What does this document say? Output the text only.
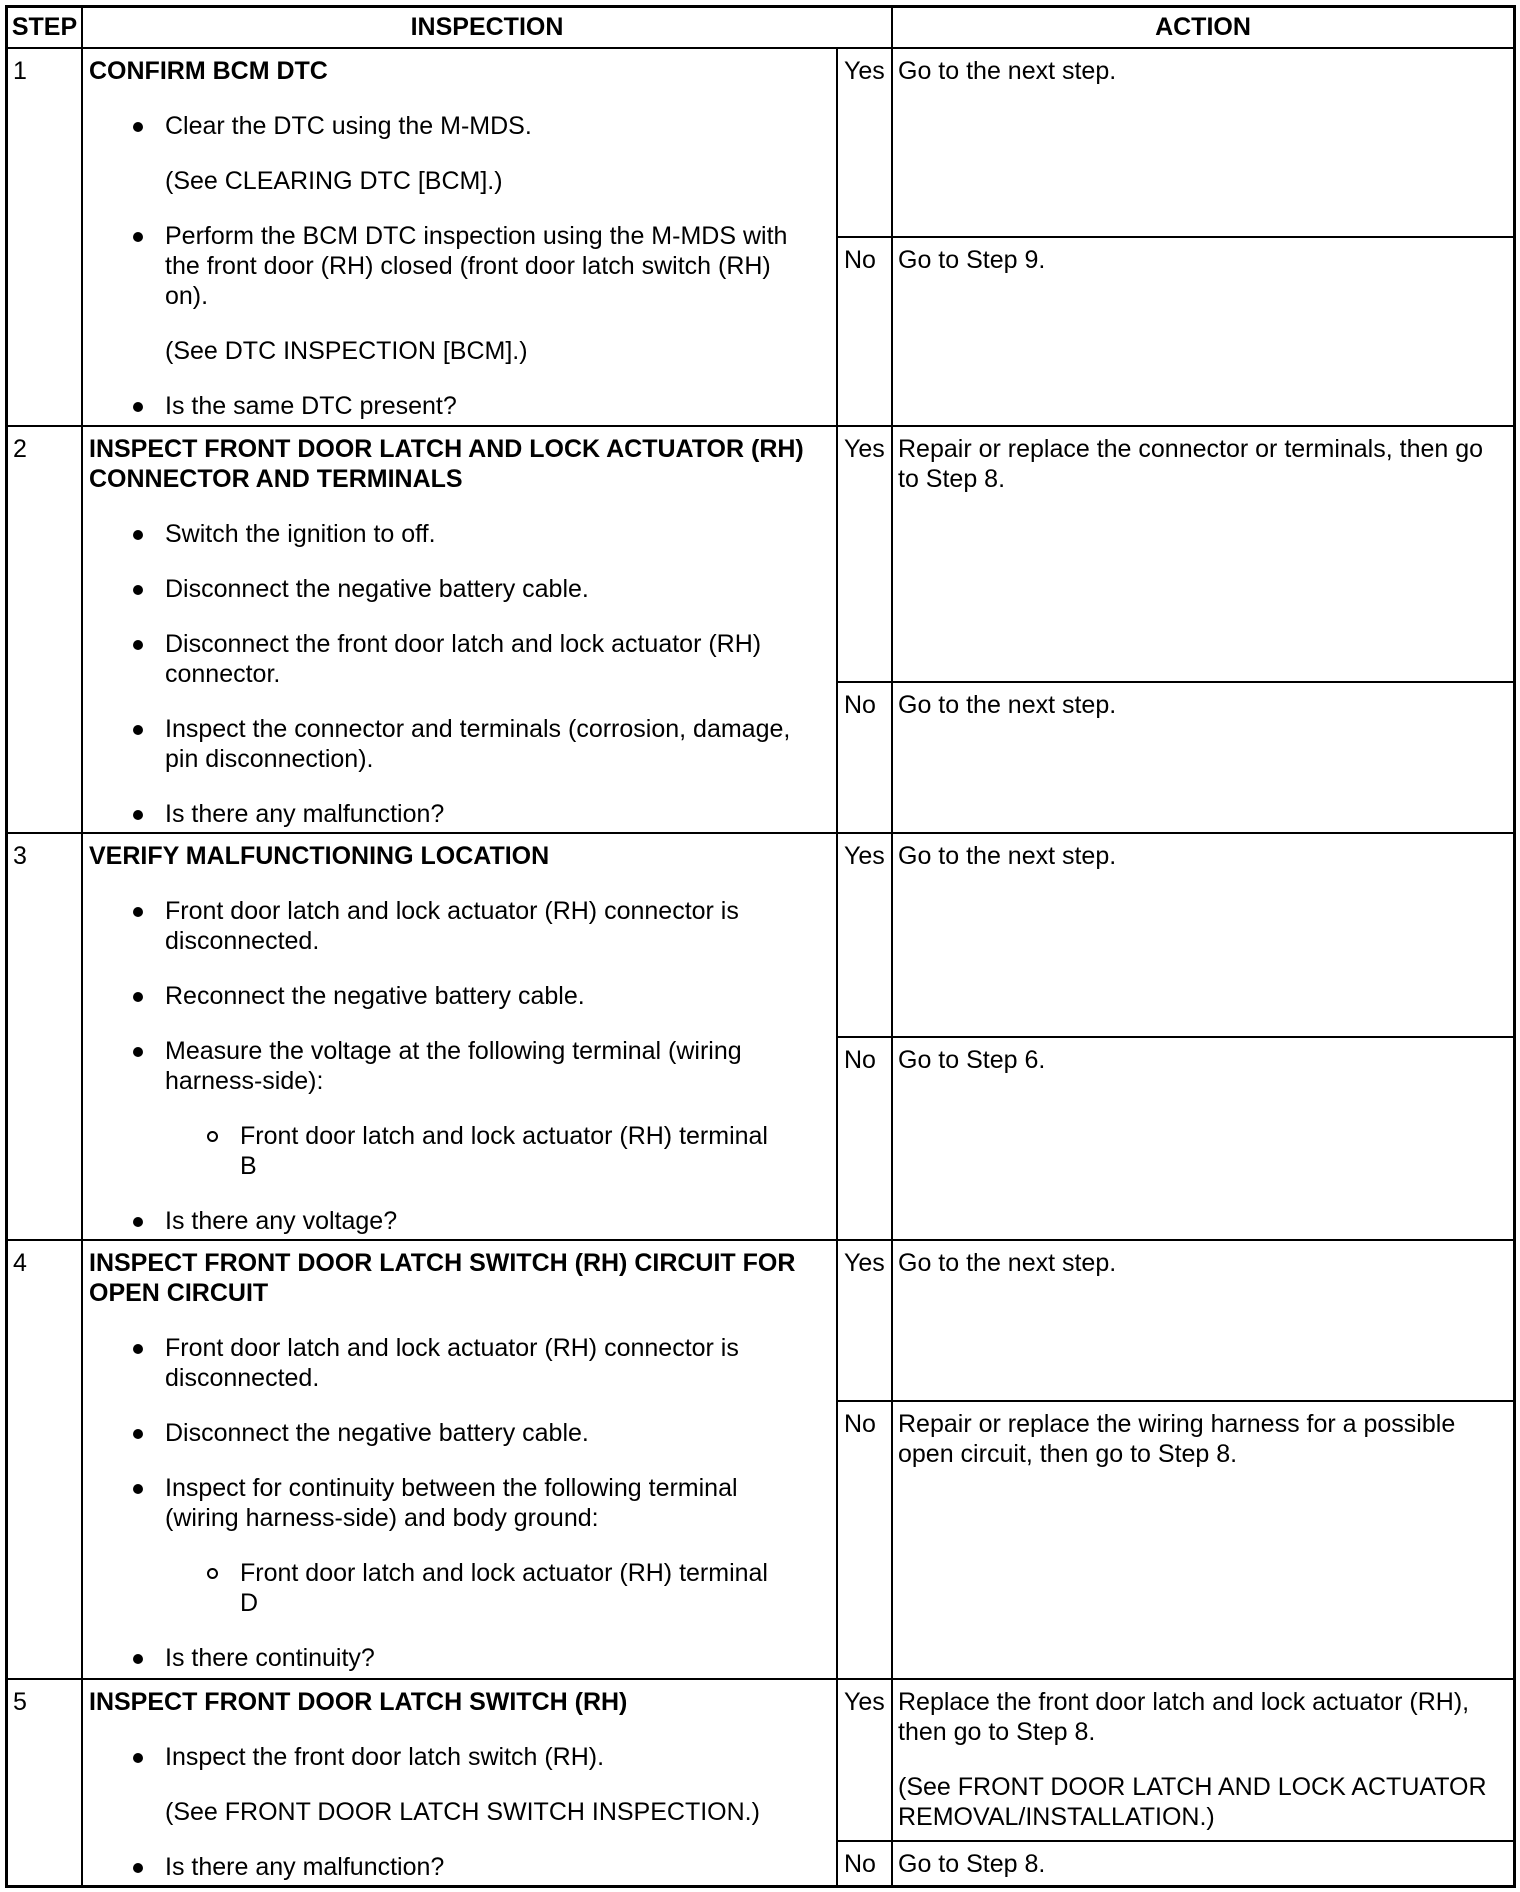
STEP	INSPECTION	ACTION
1	CONFIRM BCM DTC
Clear the DTC using the M-MDS.
(See CLEARING DTC [BCM].)
Perform the BCM DTC inspection using the M-MDS with
the front door (RH) closed (front door latch switch (RH)
on).
(See DTC INSPECTION [BCM].)
Is the same DTC present?
Yes Go to the next step.
No Go to Step 9.
2	INSPECT FRONT DOOR LATCH AND LOCK ACTUATOR (RH)
CONNECTOR AND TERMINALS
Switch the ignition to off.
Disconnect the negative battery cable.
Disconnect the front door latch and lock actuator (RH)
connector.
Inspect the connector and terminals (corrosion, damage,
pin disconnection).
Is there any malfunction?
Yes Repair or replace the connector or terminals, then go
to Step 8.
No Go to the next step.
3	VERIFY MALFUNCTIONING LOCATION
Front door latch and lock actuator (RH) connector is
disconnected.
Reconnect the negative battery cable.
Measure the voltage at the following terminal (wiring
harness-side):
Front door latch and lock actuator (RH) terminal
B
Is there any voltage?
Yes Go to the next step.
No Go to Step 6.
4	INSPECT FRONT DOOR LATCH SWITCH (RH) CIRCUIT FOR
OPEN CIRCUIT
Front door latch and lock actuator (RH) connector is
disconnected.
Disconnect the negative battery cable.
Inspect for continuity between the following terminal
(wiring harness-side) and body ground:
Front door latch and lock actuator (RH) terminal
D
Is there continuity?
Yes Go to the next step.
No Repair or replace the wiring harness for a possible
open circuit, then go to Step 8.
5	INSPECT FRONT DOOR LATCH SWITCH (RH)
Inspect the front door latch switch (RH).
(See FRONT DOOR LATCH SWITCH INSPECTION.)
Is there any malfunction?
Yes Replace the front door latch and lock actuator (RH),
then go to Step 8.
(See FRONT DOOR LATCH AND LOCK ACTUATOR
REMOVAL/INSTALLATION.)
No Go to Step 8.
